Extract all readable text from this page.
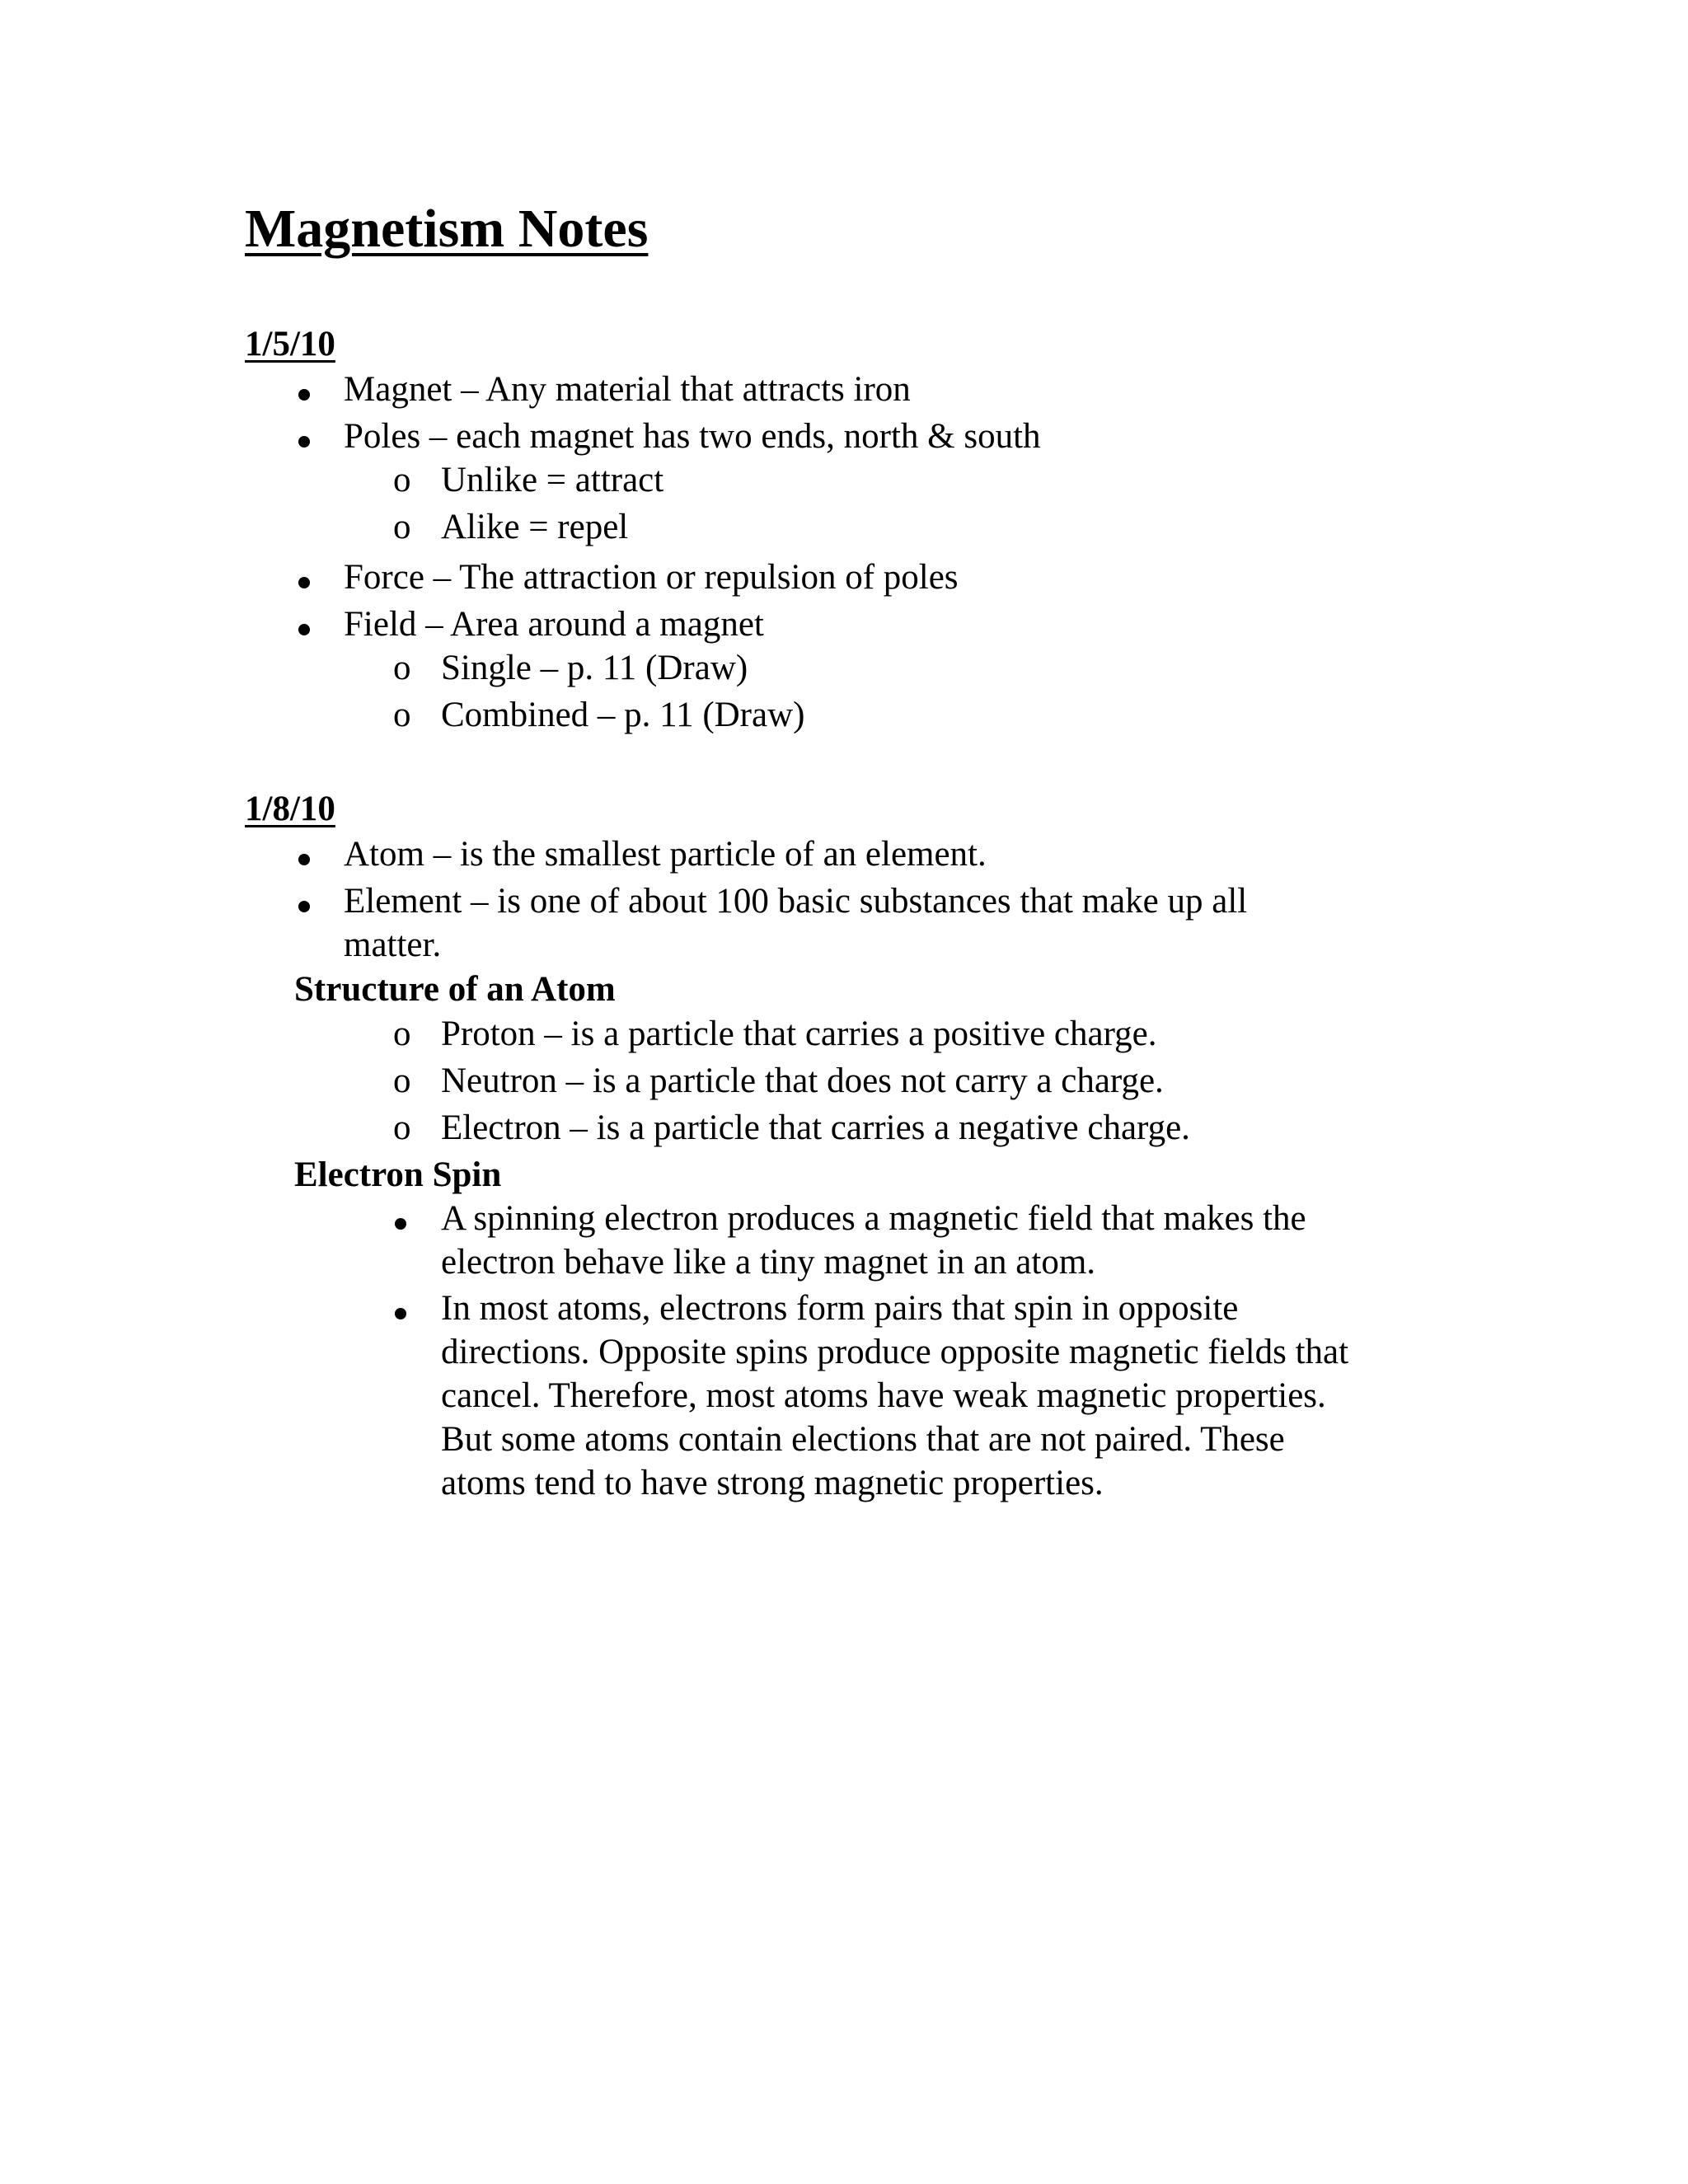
Magnetism Notes
1/5/10
Magnet – Any material that attracts iron
Poles – each magnet has two ends, north & south
o Unlike = attract
o Alike = repel
Force – The attraction or repulsion of poles
Field – Area around a magnet
o Single – p. 11 (Draw)
o Combined – p. 11 (Draw)
1/8/10
Atom – is the smallest particle of an element.
Element – is one of about 100 basic substances that make up all
matter.
Structure of an Atom
o Proton – is a particle that carries a positive charge.
o Neutron – is a particle that does not carry a charge.
o Electron – is a particle that carries a negative charge.
Electron Spin
A spinning electron produces a magnetic field that makes the
electron behave like a tiny magnet in an atom.
In most atoms, electrons form pairs that spin in opposite
directions. Opposite spins produce opposite magnetic fields that
cancel. Therefore, most atoms have weak magnetic properties.
But some atoms contain elections that are not paired. These
atoms tend to have strong magnetic properties.
